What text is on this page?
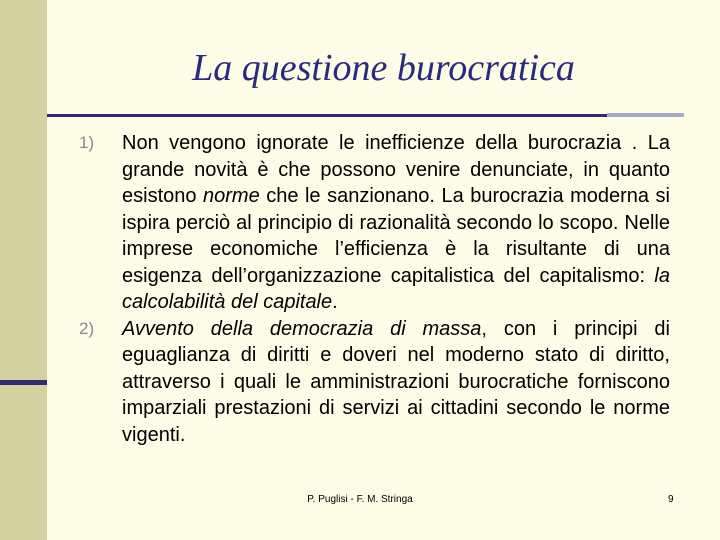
La questione burocratica
1) Non vengono ignorate le inefficienze della burocrazia . La grande novità è che possono venire denunciate, in quanto esistono norme che le sanzionano. La burocrazia moderna si ispira perciò al principio di razionalità secondo lo scopo. Nelle imprese economiche l’efficienza è la risultante di una esigenza dell’organizzazione capitalistica del capitalismo: la calcolabilità del capitale.
2) Avvento della democrazia di massa, con i principi di eguaglianza di diritti e doveri nel moderno stato di diritto, attraverso i quali le amministrazioni burocratiche forniscono imparziali prestazioni di servizi ai cittadini secondo le norme vigenti.
P. Puglisi - F. M. Stringa	9
